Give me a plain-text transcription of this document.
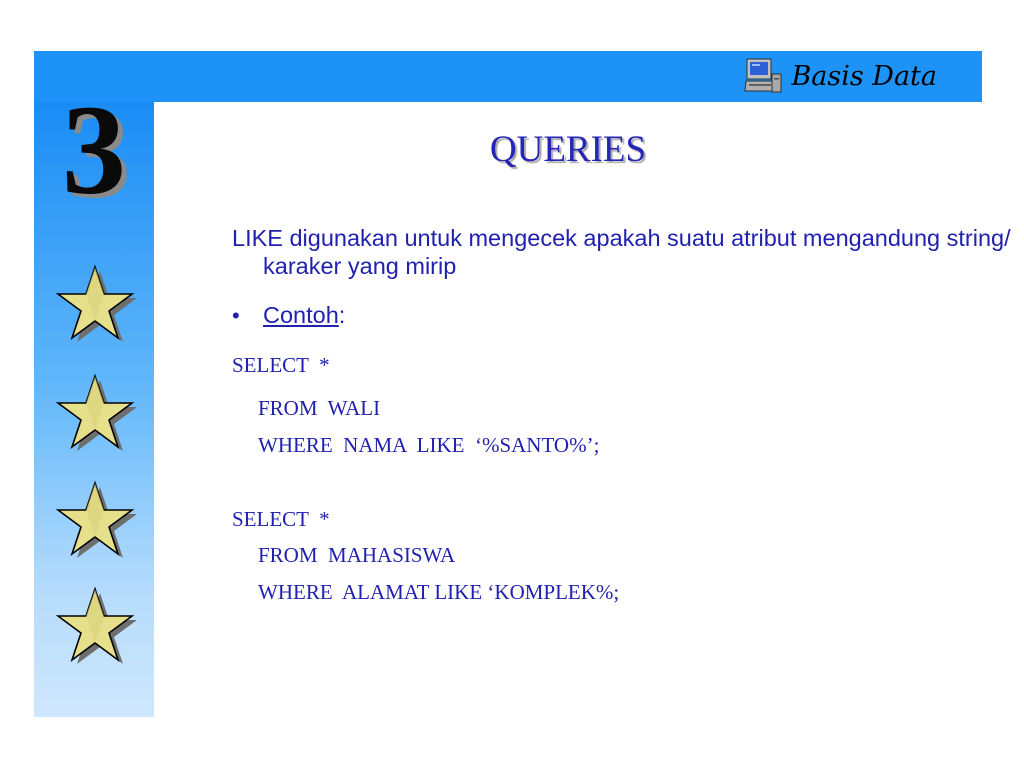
Basis Data
3	QUERIES
LIKE digunakan untuk mengecek apakah suatu atribut mengandung string/ karaker yang mirip
• Contoh :
SELECT  *
FROM  WALI
WHERE  NAMA  LIKE  ‘%SANTO%’;
SELECT  *
FROM  MAHASISWA
WHERE  ALAMAT LIKE ‘KOMPLEK%;
